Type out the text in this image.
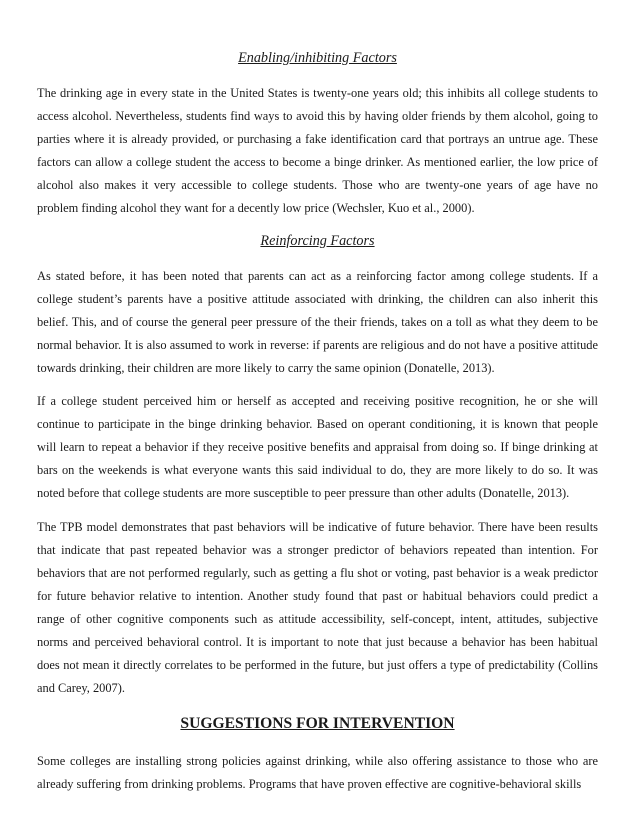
Enabling/inhibiting Factors

The drinking age in every state in the United States is twenty-one years old; this inhibits all college students to access alcohol. Nevertheless, students find ways to avoid this by having older friends by them alcohol, going to parties where it is already provided, or purchasing a fake identification card that portrays an untrue age. These factors can allow a college student the access to become a binge drinker. As mentioned earlier, the low price of alcohol also makes it very accessible to college students. Those who are twenty-one years of age have no problem finding alcohol they want for a decently low price (Wechsler, Kuo et al., 2000).

Reinforcing Factors

As stated before, it has been noted that parents can act as a reinforcing factor among college students. If a college student’s parents have a positive attitude associated with drinking, the children can also inherit this belief. This, and of course the general peer pressure of the their friends, takes on a toll as what they deem to be normal behavior. It is also assumed to work in reverse: if parents are religious and do not have a positive attitude towards drinking, their children are more likely to carry the same opinion (Donatelle, 2013).

If a college student perceived him or herself as accepted and receiving positive recognition, he or she will continue to participate in the binge drinking behavior. Based on operant conditioning, it is known that people will learn to repeat a behavior if they receive positive benefits and appraisal from doing so. If binge drinking at bars on the weekends is what everyone wants this said individual to do, they are more likely to do so. It was noted before that college students are more susceptible to peer pressure than other adults (Donatelle, 2013).

The TPB model demonstrates that past behaviors will be indicative of future behavior. There have been results that indicate that past repeated behavior was a stronger predictor of behaviors repeated than intention. For behaviors that are not performed regularly, such as getting a flu shot or voting, past behavior is a weak predictor for future behavior relative to intention. Another study found that past or habitual behaviors could predict a range of other cognitive components such as attitude accessibility, self-concept, intent, attitudes, subjective norms and perceived behavioral control. It is important to note that just because a behavior has been habitual does not mean it directly correlates to be performed in the future, but just offers a type of predictability (Collins and Carey, 2007).

SUGGESTIONS FOR INTERVENTION

Some colleges are installing strong policies against drinking, while also offering assistance to those who are already suffering from drinking problems. Programs that have proven effective are cognitive-behavioral skills
